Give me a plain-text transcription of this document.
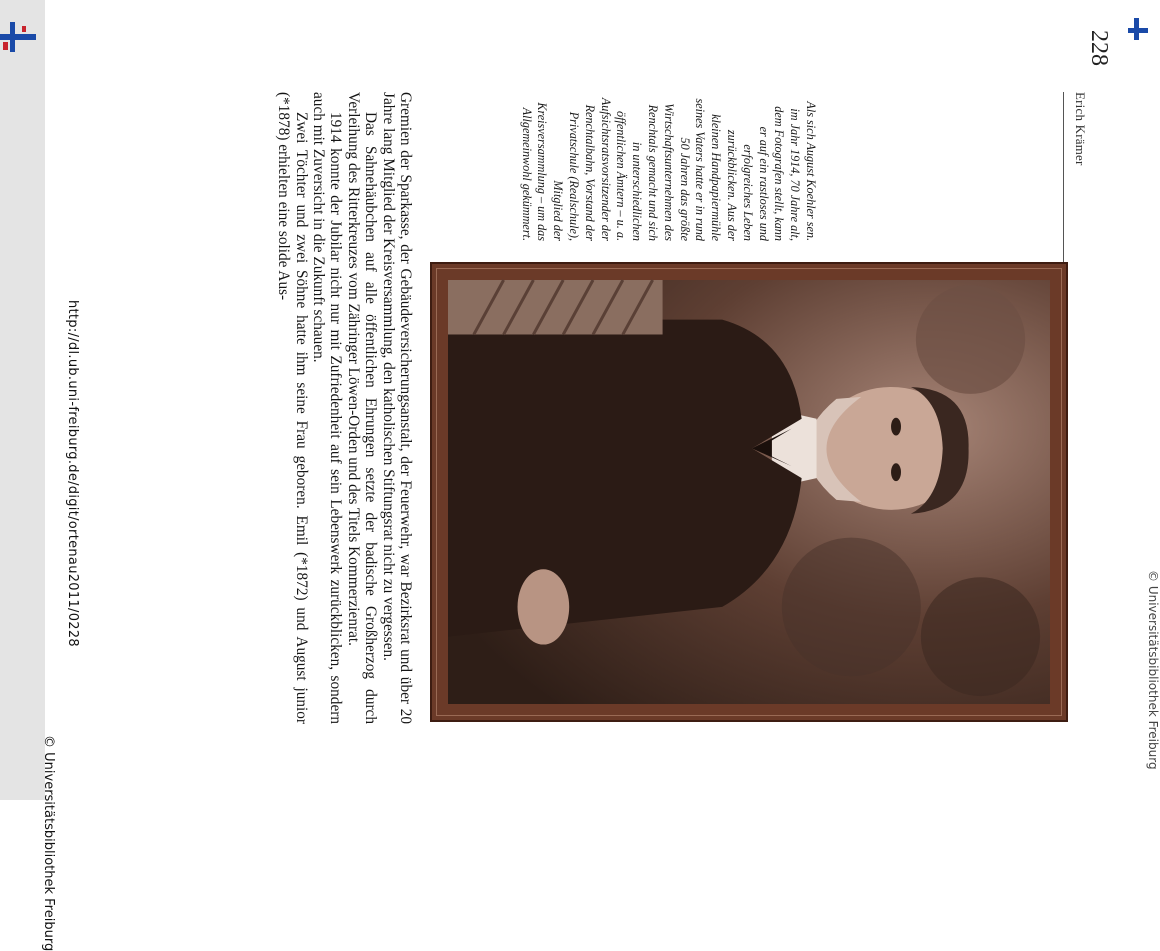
© Universitätsbibliothek Freiburg
228
Erich Krämer

Als sich August Koehler sen. im Jahr 1914, 70 Jahre alt, dem Fotografen stellt, kann er auf ein rastloses und erfolgreiches Leben zurückblicken. Aus der kleinen Handpapiermühle seines Vaters hatte er in rund 50 Jahren das größte Wirtschaftsunternehmen des Renchtals gemacht und sich in unterschiedlichen öffentlichen Ämtern – u. a. Aufsichtsratsvorsitzender der Renchtalbahn, Vorstand der Privatschule (Realschule), Mitglied der Kreisversammlung – um das Allgemeinwohl gekümmert.

Gremien der Sparkasse, der Gebäudeversicherungsanstalt, der Feuerwehr, war Bezirksrat und über 20 Jahre lang Mitglied der Kreisversammlung, den katholischen Stiftungsrat nicht zu vergessen.

Das Sahnehäubchen auf alle öffentlichen Ehrungen setzte der badische Großherzog durch Verleihung des Ritterkreuzes vom Zähringer Löwen-Orden und des Titels Kommerzienrat.

1914 konnte der Jubilar nicht nur mit Zufriedenheit auf sein Lebenswerk zurückblicken, sondern auch mit Zuversicht in die Zukunft schauen.

Zwei Töchter und zwei Söhne hatte ihm seine Frau geboren. Emil (*1872) und August junior (*1878) erhielten eine solide Aus-

http://dl.ub.uni-freiburg.de/digit/ortenau2011/0228
© Universitätsbibliothek Freiburg
